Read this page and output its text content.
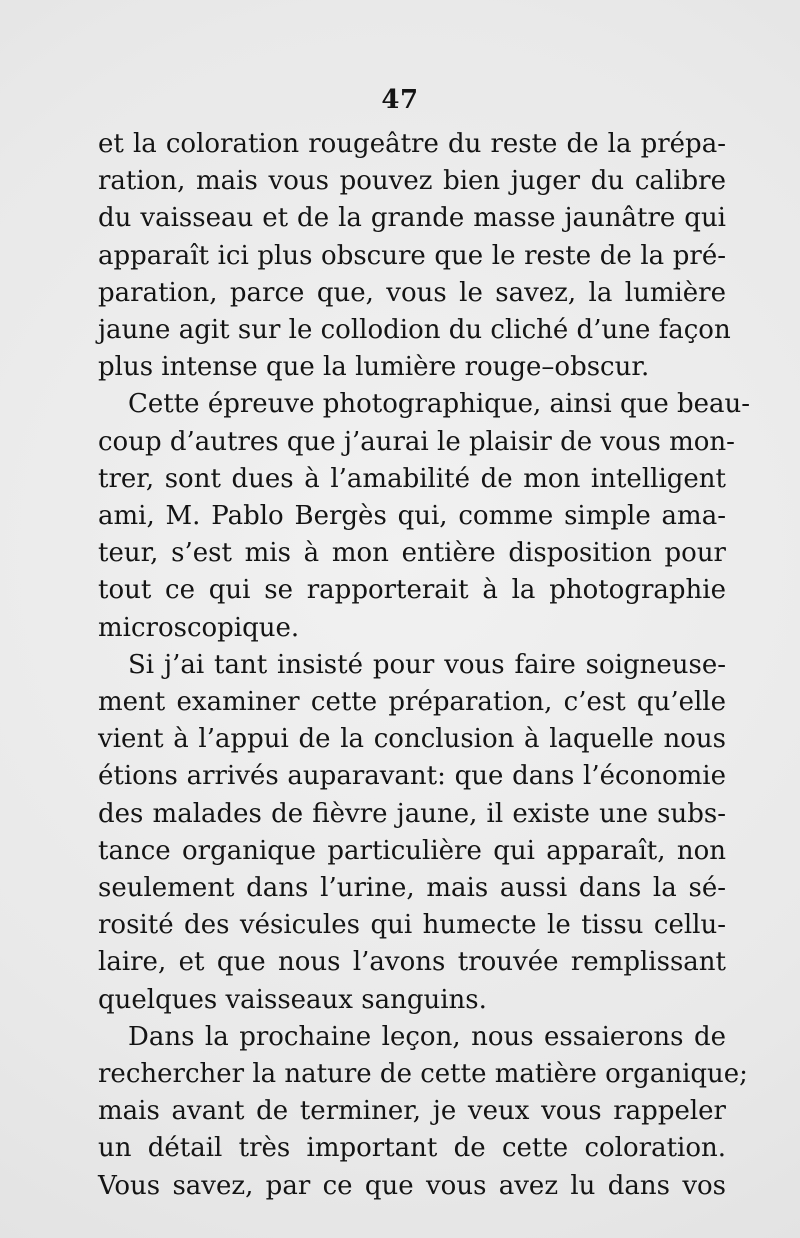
47
et la coloration rougeâtre du reste de la prépa-
ration, mais vous pouvez bien juger du calibre
du vaisseau et de la grande masse jaunâtre qui
apparaît ici plus obscure que le reste de la pré-
paration, parce que, vous le savez, la lumière
jaune agit sur le collodion du cliché d’une façon
plus intense que la lumière rouge–obscur.
Cette épreuve photographique, ainsi que beau-
coup d’autres que j’aurai le plaisir de vous mon-
trer, sont dues à l’amabilité de mon intelligent
ami, M. Pablo Bergès qui, comme simple ama-
teur, s’est mis à mon entière disposition pour
tout ce qui se rapporterait à la photographie
microscopique.
Si j’ai tant insisté pour vous faire soigneuse-
ment examiner cette préparation, c’est qu’elle
vient à l’appui de la conclusion à laquelle nous
étions arrivés auparavant: que dans l’économie
des malades de fièvre jaune, il existe une subs-
tance organique particulière qui apparaît, non
seulement dans l’urine, mais aussi dans la sé-
rosité des vésicules qui humecte le tissu cellu-
laire, et que nous l’avons trouvée remplissant
quelques vaisseaux sanguins.
Dans la prochaine leçon, nous essaierons de
rechercher la nature de cette matière organique;
mais avant de terminer, je veux vous rappeler
un détail très important de cette coloration.
Vous savez, par ce que vous avez lu dans vos
